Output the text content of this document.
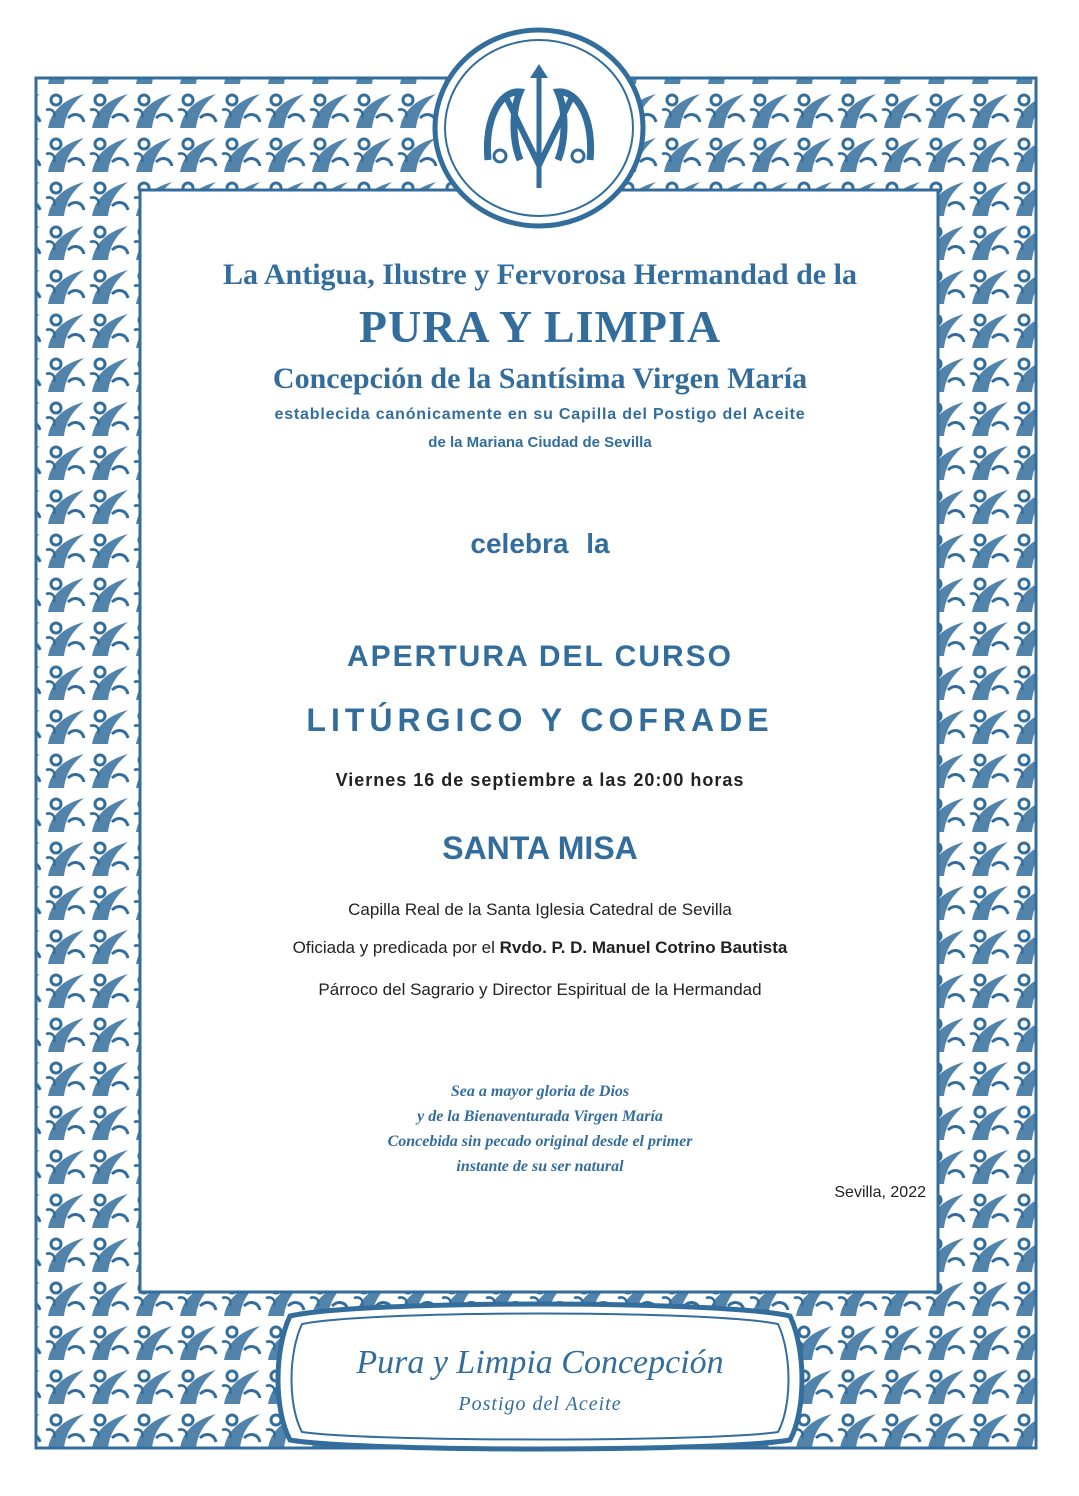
La Antigua, Ilustre y Fervorosa Hermandad de la
PURA Y LIMPIA
Concepción de la Santísima Virgen María
establecida canónicamente en su Capilla del Postigo del Aceite
de la Mariana Ciudad de Sevilla
celebra la
APERTURA DEL CURSO
LITÚRGICO Y COFRADE
Viernes 16 de septiembre a las 20:00 horas
SANTA MISA
Capilla Real de la Santa Iglesia Catedral de Sevilla
Oficiada y predicada por el Rvdo. P. D. Manuel Cotrino Bautista
Párroco del Sagrario y Director Espiritual de la Hermandad
Sea a mayor gloria de Dios
y de la Bienaventurada Virgen María
Concebida sin pecado original desde el primer
instante de su ser natural
Sevilla, 2022
Pura y Limpia Concepción
Postigo del Aceite
